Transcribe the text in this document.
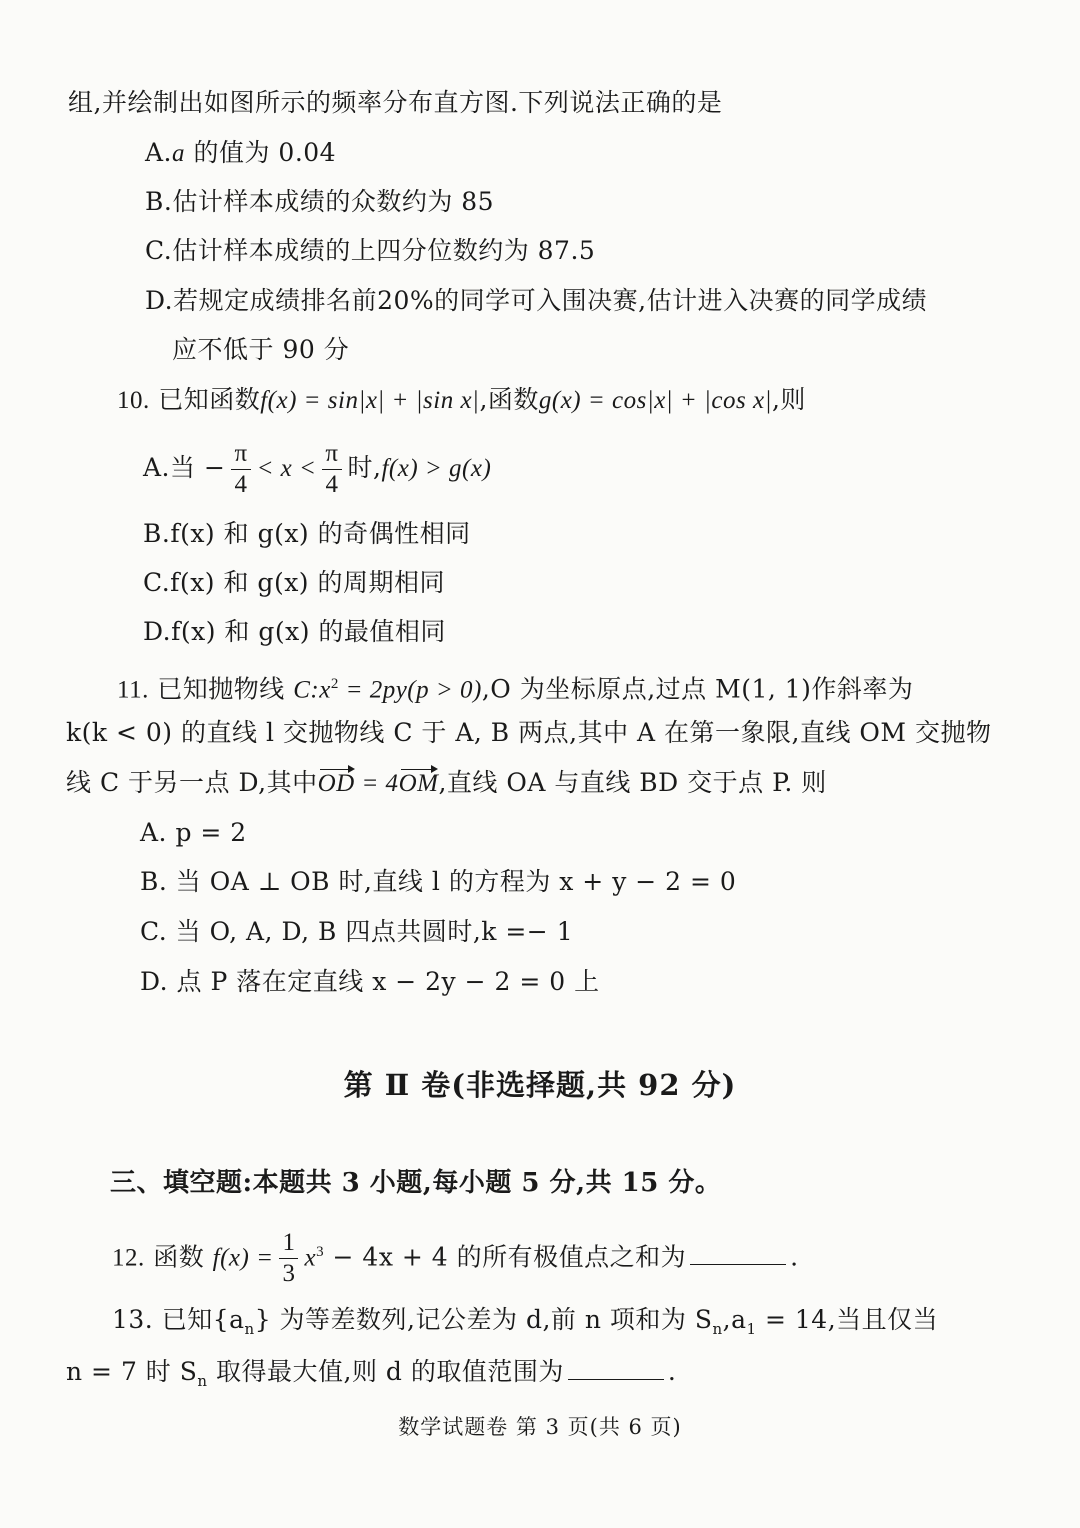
组,并绘制出如图所示的频率分布直方图.下列说法正确的是
A.a 的值为 0.04
B.估计样本成绩的众数约为 85
C.估计样本成绩的上四分位数约为 87.5
D.若规定成绩排名前20%的同学可入围决赛,估计进入决赛的同学成绩
应不低于 90 分
10. 已知函数f(x) = sin|x| + |sin x|,函数g(x) = cos|x| + |cos x|,则
A.当 − $\frac{\pi}{4} < x < \frac{\pi}{4}$ 时,f(x) > g(x)
B.f(x) 和 g(x) 的奇偶性相同
C.f(x) 和 g(x) 的周期相同
D.f(x) 和 g(x) 的最值相同
11. 已知抛物线 $C:x^2 = 2py(p > 0),O$ 为坐标原点,过点 M(1, 1)作斜率为
k(k < 0) 的直线 l 交抛物线 C 于 A, B 两点,其中 A 在第一象限,直线 OM 交抛物
线 C 于另一点 D,其中OD = 4OM,直线 OA 与直线 BD 交于点 P. 则
A. p = 2
B. 当 OA ⊥ OB 时,直线 l 的方程为 x + y − 2 = 0
C. 当 O, A, D, B 四点共圆时,k =− 1
D. 点 P 落在定直线 x − 2y − 2 = 0 上
第 Ⅱ 卷(非选择题,共 92 分)
三、填空题:本题共 3 小题,每小题 5 分,共 15 分。
12. 函数 $f(x) = \frac{1}{3} x^3 - 4x + 4$ 的所有极值点之和为	.
13. 已知$\{a_n\}$ 为等差数列,记公差为 d,前 n 项和为 $S_n,a_1 = 14$,当且仅当
n = 7 时 $S_n$ 取得最大值,则 d 的取值范围为	.
数学试题卷 第 3 页(共 6 页)
